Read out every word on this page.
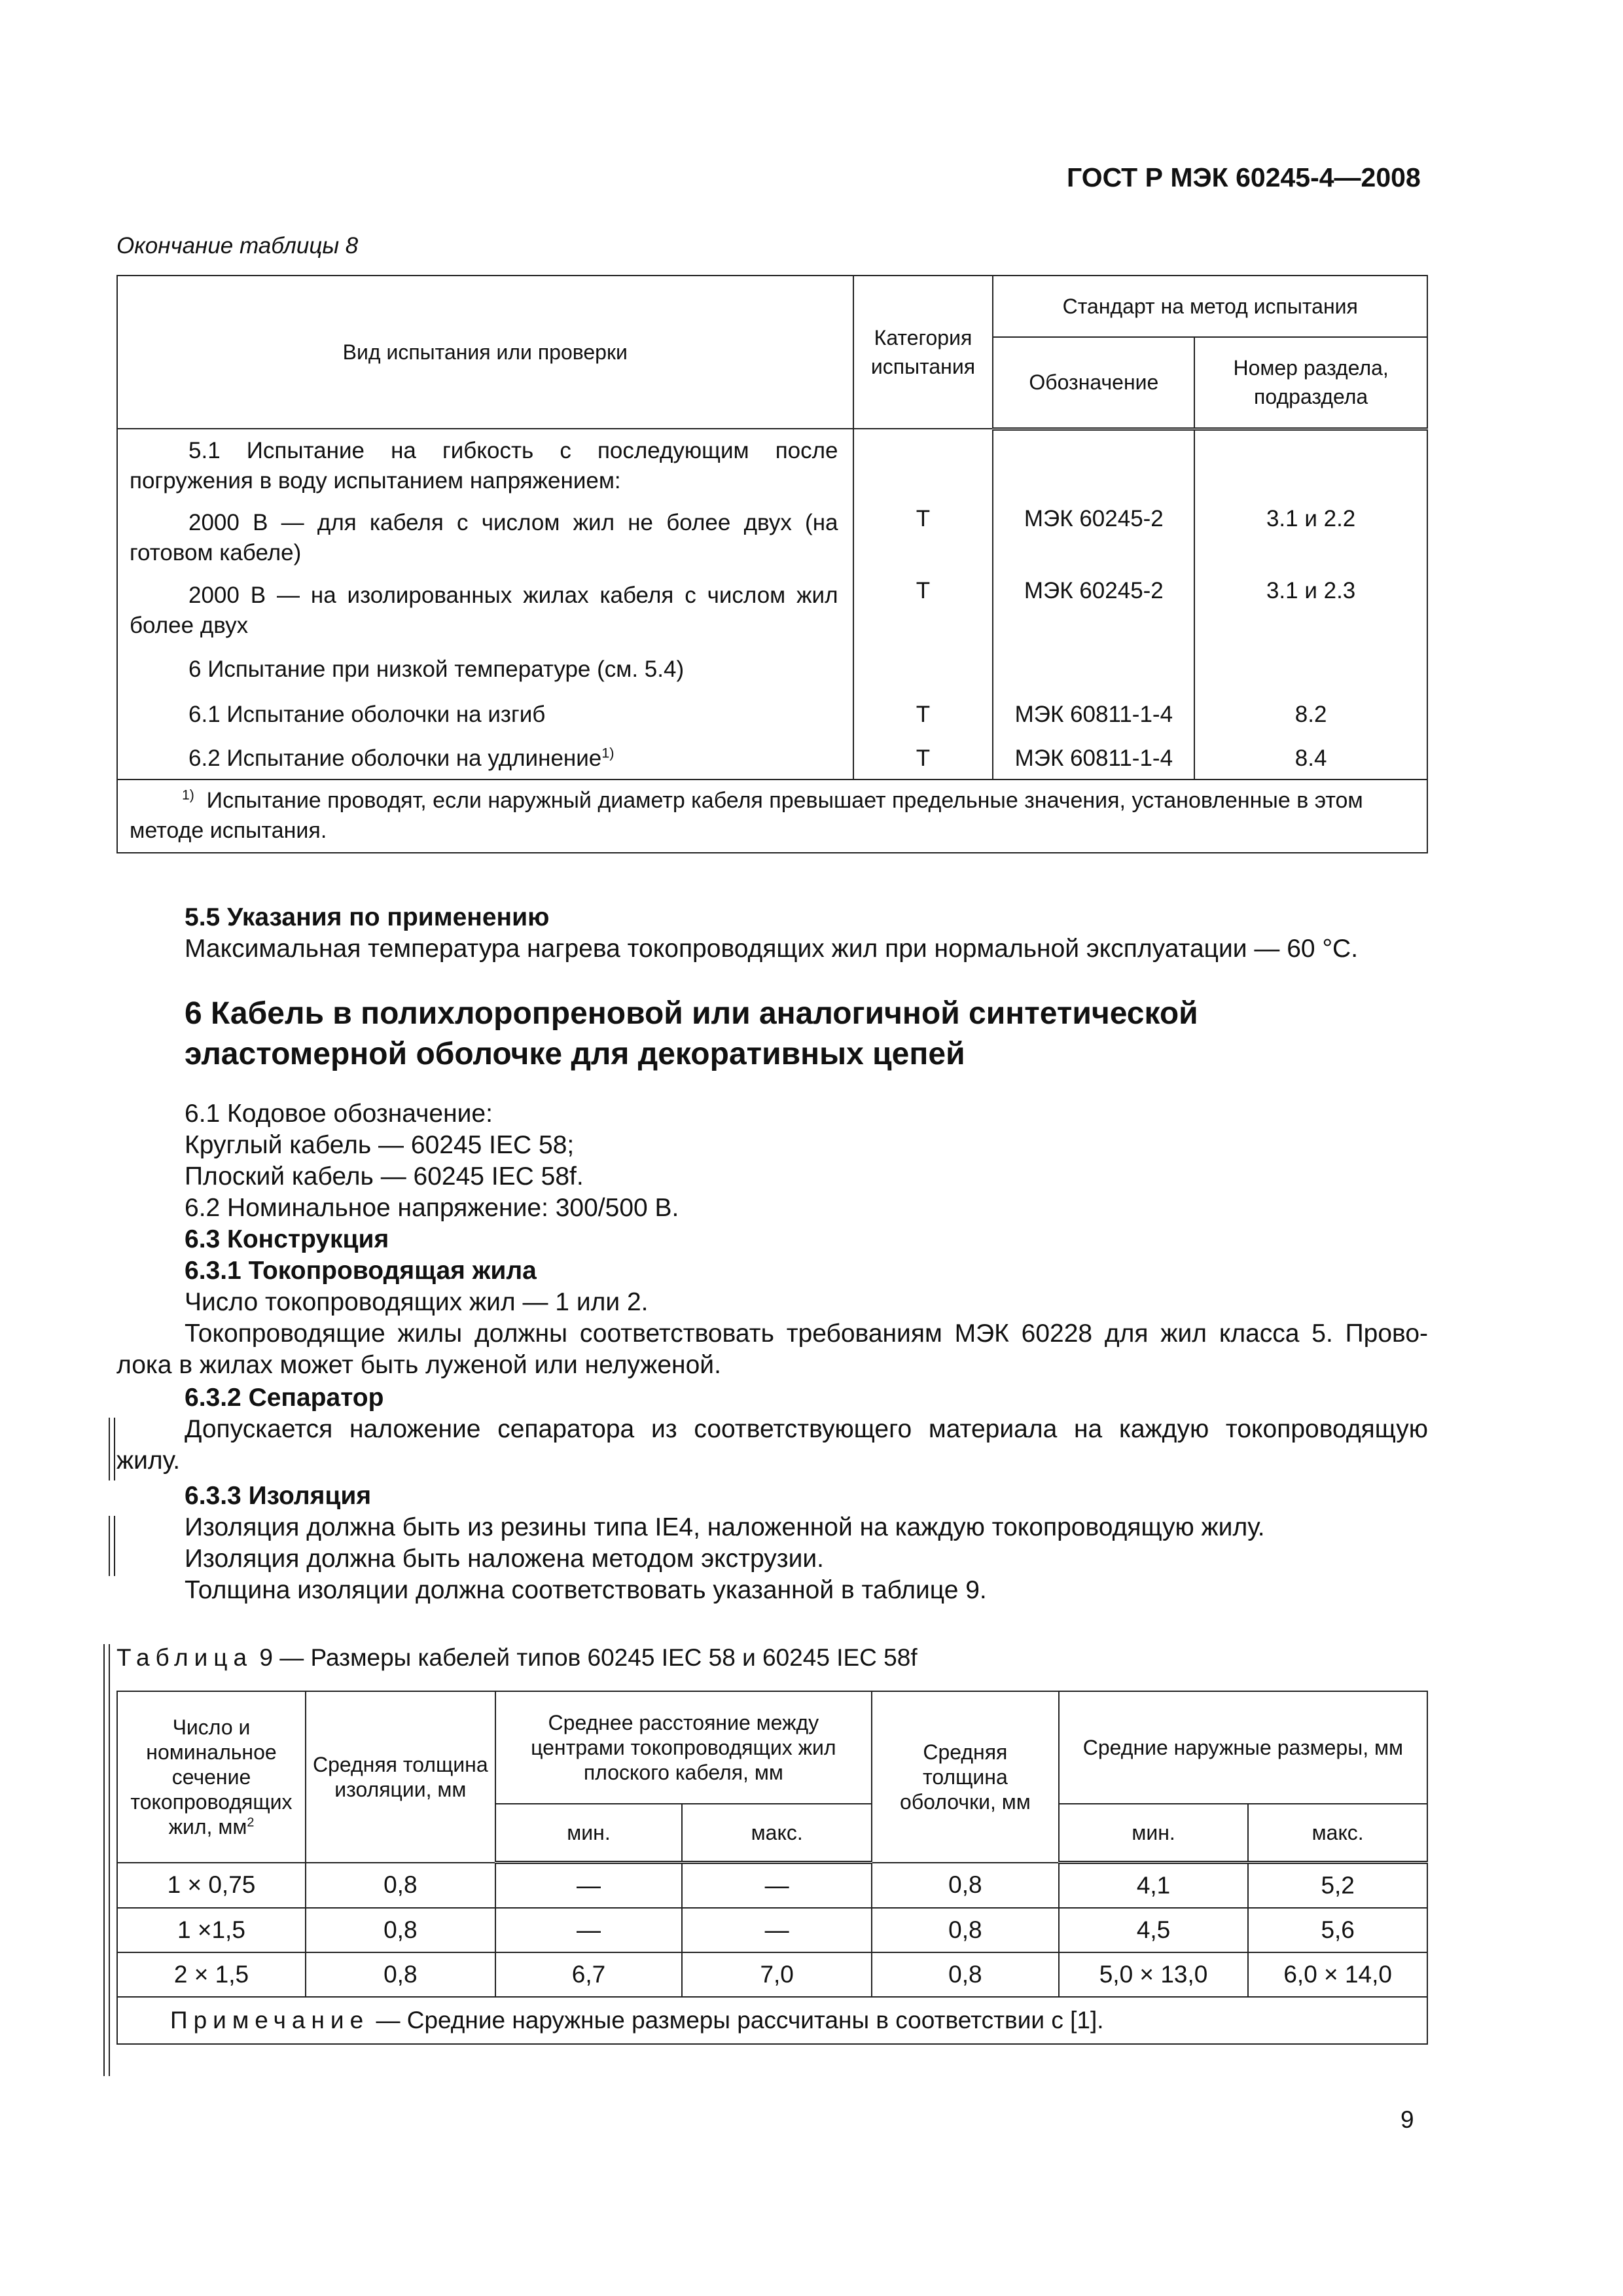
ГОСТ Р МЭК 60245-4—2008
Окончание таблицы 8
Вид испытания или проверки	Категория испытания	Стандарт на метод испытания	
		Обозначение	Номер раздела, подраздела

5.1 Испытание на гибкость с последующим после погружения в воду испытанием напряжением:			

2000 В — для кабеля с числом жил не более двух (на готовом кабеле)	Т	МЭК 60245-2	3.1 и 2.2

2000 В — на изолированных жилах кабеля с числом жил более двух	Т	МЭК 60245-2	3.1 и 2.3

6 Испытание при низкой температуре (см. 5.4)			

6.1 Испытание оболочки на изгиб	Т	МЭК 60811-1-4	8.2

6.2 Испытание оболочки на удлинение$^{1)}$	Т	МЭК 60811-1-4	8.4

$^{1)}$ Испытание проводят, если наружный диаметр кабеля превышает предельные значения, установленные в этом методе испытания.			
5.5 Указания по применению
Максимальная температура нагрева токопроводящих жил при нормальной эксплуатации — 60 °С.
6 Кабель в полихлоропреновой или аналогичной синтетической
эластомерной оболочке для декоративных цепей
6.1 Кодовое обозначение:
Круглый кабель — 60245 IEC 58;
Плоский кабель — 60245 IEC 58f.
6.2 Номинальное напряжение: 300/500 В.
6.3 Конструкция
6.3.1 Токопроводящая жила
Число токопроводящих жил — 1 или 2.
Токопроводящие жилы должны соответствовать требованиям МЭК 60228 для жил класса 5. Прово-
лока в жилах может быть луженой или нелуженой.
6.3.2 Сепаратор
Допускается наложение сепаратора из соответствующего материала на каждую токопроводящую
жилу.
6.3.3 Изоляция
Изоляция должна быть из резины типа IE4, наложенной на каждую токопроводящую жилу.
Изоляция должна быть наложена методом экструзии.
Толщина изоляции должна соответствовать указанной в таблице 9.
Таблица 9 — Размеры кабелей типов 60245 IEC 58 и 60245 IEC 58f
Число и
номинальное
сечение
токопроводящих
жил, $мм^2$	Средняя толщина изоляции, мм	Среднее расстояние между центрами токопроводящих жил плоского кабеля, мм		Средняя толщина оболочки, мм	Средние наружные размеры, мм	
		мин.	макс.		мин.	макс.
1 × 0,75	0,8	—	—	0,8	4,1	5,2
1 ×1,5	0,8	—	—	0,8	4,5	5,6
2 × 1,5	0,8	6,7	7,0	0,8	5,0 × 13,0	6,0 × 14,0
Примечание — Средние наружные размеры рассчитаны в соответствии с [1].						
9
